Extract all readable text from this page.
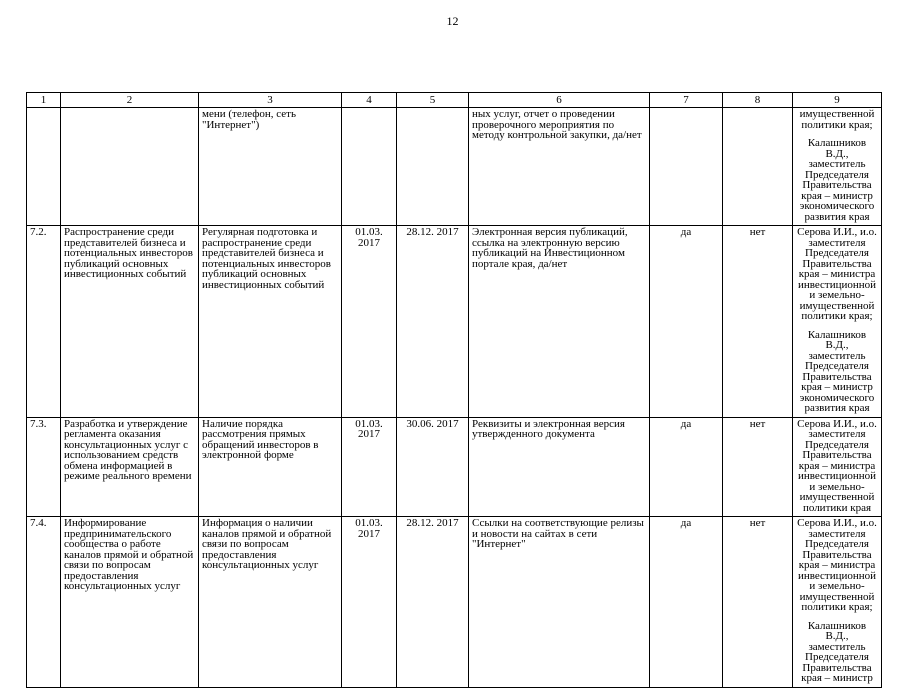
12
1	2	3	4	5	6	7	8	9
		мени (телефон, сеть "Интернет")			ных услуг, отчет о проведении проверочного мероприятия по методу контрольной закупки, да/нет			имущественной политики края;
Калашников В.Д., заместитель Председателя Правительства края – министр экономического развития края

7.2.	Распространение среди представителей бизнеса и потенциальных инвесторов публикаций основных инвестиционных событий	Регулярная подготовка и распространение среди представителей бизнеса и потенциальных инвесторов публикаций основных инвестиционных событий	01.03. 2017	28.12. 2017	Электронная версия публикаций, ссылка на электронную версию публикаций на Инвестиционном портале края, да/нет	да	нет	Серова И.И., и.о. заместителя Председателя Правительства края – министра инвестиционной и земельно-имущественной политики края;
Калашников В.Д., заместитель Председателя Правительства края – министр экономического развития края

7.3.	Разработка и утверждение регламента оказания консультационных услуг с использованием средств обмена информацией в режиме реального времени	Наличие порядка рассмотрения прямых обращений инвесторов в электронной форме	01.03. 2017	30.06. 2017	Реквизиты и электронная версия утвержденного документа	да	нет	Серова И.И., и.о. заместителя Председателя Правительства края – министра инвестиционной и земельно-имущественной политики края

7.4.	Информирование предпринимательского сообщества о работе каналов прямой и обратной связи по вопросам предоставления консультационных услуг	Информация о наличии каналов прямой и обратной связи по вопросам предоставления консультационных услуг	01.03. 2017	28.12. 2017	Ссылки на соответствующие релизы и новости на сайтах в сети "Интернет"	да	нет	Серова И.И., и.о. заместителя Председателя Правительства края – министра инвестиционной и земельно-имущественной политики края;
Калашников В.Д., заместитель Председателя Правительства края – министр
